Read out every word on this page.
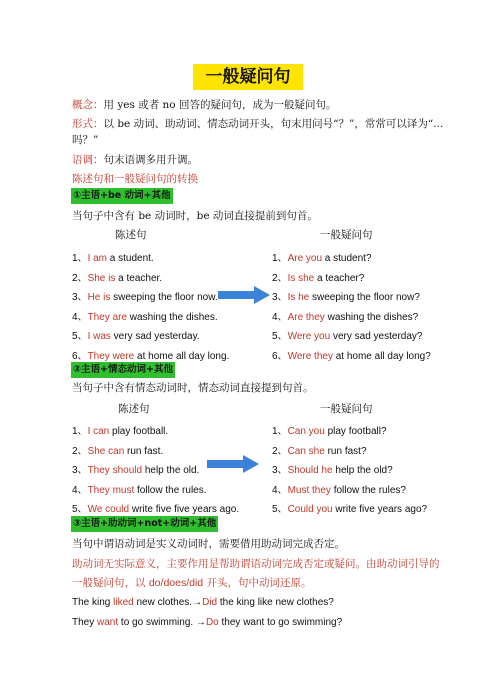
一般疑问句
概念：用 yes 或者 no 回答的疑问句，成为一般疑问句。
形式：以 be 动词、助动词、情态动词开头，句末用问号“？”，常常可以译为“...
吗？”
语调：句末语调多用升调。
陈述句和一般疑问句的转换
①主语+be 动词+其他
当句子中含有 be 动词时，be 动词直接提前到句首。
陈述句	一般疑问句
1、I am a student.
2、She is a teacher.
3、He is sweeping the floor now.
4、They are washing the dishes.
5、I was very sad yesterday.
6、They were at home all day long.
1、Are you a student?
2、Is she a teacher?
3、Is he sweeping the floor now?
4、Are they washing the dishes?
5、Were you very sad yesterday?
6、Were they at home all day long?
②主语+情态动词+其他
当句子中含有情态动词时，情态动词直接提到句首。
陈述句	一般疑问句
1、I can play football.
2、She can run fast.
3、They should help the old.
4、They must follow the rules.
5、We could write five five years ago.
1、Can you play football?
2、Can she run fast?
3、Should he help the old?
4、Must they follow the rules?
5、Could you write five years ago?
③主语+助动词+not+动词+其他
当句中谓语动词是实义动词时，需要借用助动词完成否定。
助动词无实际意义，主要作用是帮助谓语动词完成否定或疑问。由助动词引导的
一般疑问句，以 do/does/did 开头，句中动词还原。
The king liked new clothes.→Did the king like new clothes?
They want to go swimming. →Do they want to go swimming?
